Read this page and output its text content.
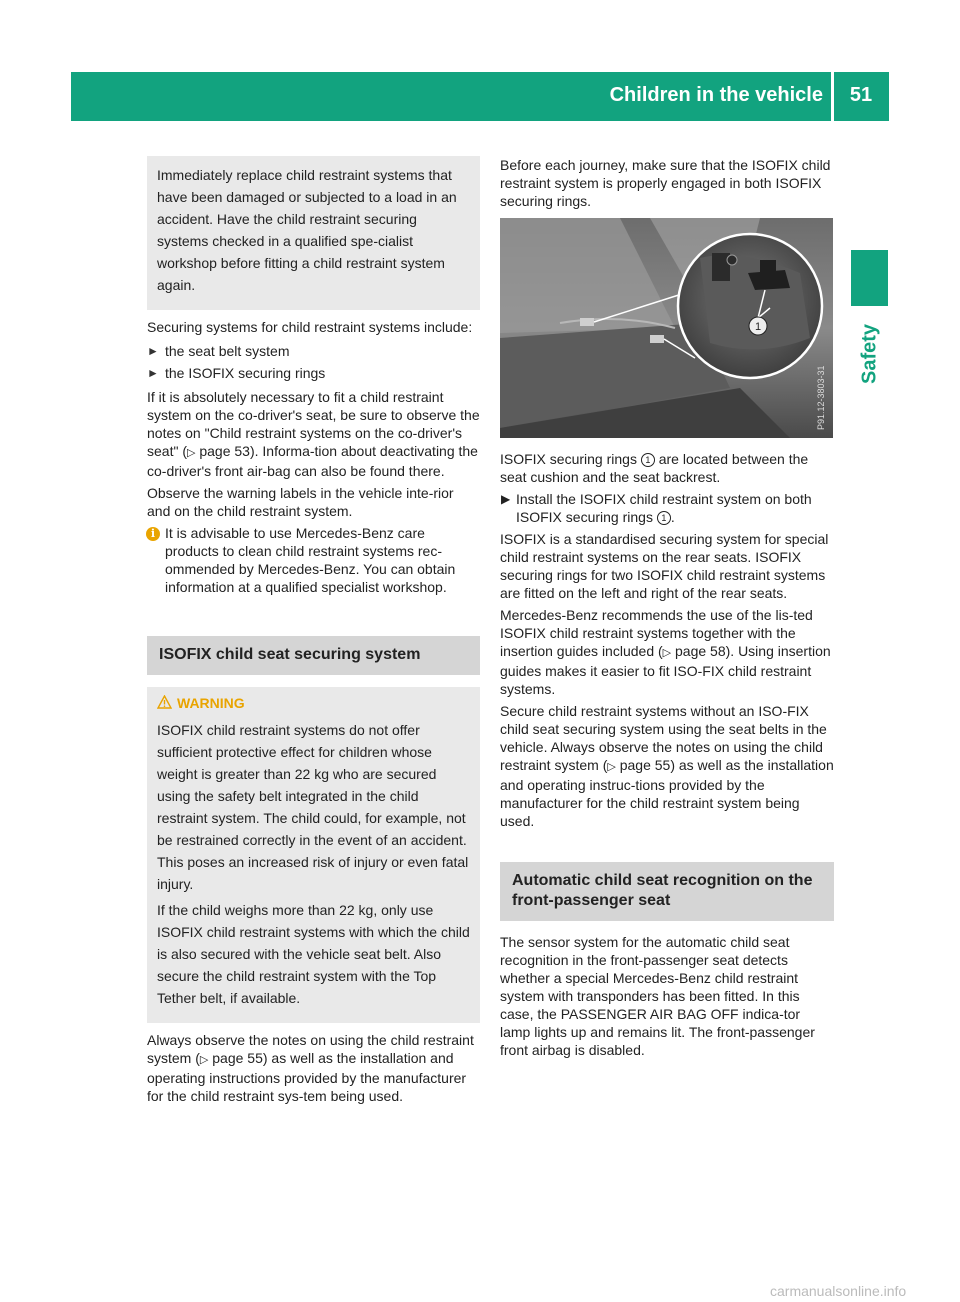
Children in the vehicle	51
Safety

Immediately replace child restraint systems that have been damaged or subjected to a load in an accident. Have the child restraint securing systems checked in a qualified spe-cialist workshop before fitting a child restraint system again.

Securing systems for child restraint systems include:

► the seat belt system
► the ISOFIX securing rings

If it is absolutely necessary to fit a child restraint system on the co-driver's seat, be sure to observe the notes on "Child restraint systems on the co-driver's seat" (▷ page 53). Informa-tion about deactivating the co-driver's front air-bag can also be found there.

Observe the warning labels in the vehicle inte-rior and on the child restraint system.

i It is advisable to use Mercedes-Benz care products to clean child restraint systems rec-ommended by Mercedes-Benz. You can obtain information at a qualified specialist workshop.
ISOFIX child seat securing system
WARNING

ISOFIX child restraint systems do not offer sufficient protective effect for children whose weight is greater than 22 kg who are secured using the safety belt integrated in the child restraint system. The child could, for example, not be restrained correctly in the event of an accident. This poses an increased risk of injury or even fatal injury.

If the child weighs more than 22 kg, only use ISOFIX child restraint systems with which the child is also secured with the vehicle seat belt. Also secure the child restraint system with the Top Tether belt, if available.

Always observe the notes on using the child restraint system (▷ page 55) as well as the installation and operating instructions provided by the manufacturer for the child restraint sys-tem being used.

Before each journey, make sure that the ISOFIX child restraint system is properly engaged in both ISOFIX securing rings.

1
P91.12-3803-31

ISOFIX securing rings 1 are located between the seat cushion and the seat backrest.

▶ Install the ISOFIX child restraint system on both ISOFIX securing rings 1 .

ISOFIX is a standardised securing system for special child restraint systems on the rear seats. ISOFIX securing rings for two ISOFIX child restraint systems are fitted on the left and right of the rear seats.

Mercedes-Benz recommends the use of the lis-ted ISOFIX child restraint systems together with the insertion guides included (▷ page 58). Using insertion guides makes it easier to fit ISO-FIX child restraint systems.

Secure child restraint systems without an ISO-FIX child seat securing system using the seat belts in the vehicle. Always observe the notes on using the child restraint system (▷ page 55) as well as the installation and operating instruc-tions provided by the manufacturer for the child restraint system being used.

Automatic child seat recognition on the front-passenger seat

The sensor system for the automatic child seat recognition in the front-passenger seat detects whether a special Mercedes-Benz child restraint system with transponders has been fitted. In this case, the PASSENGER AIR BAG OFF indica-tor lamp lights up and remains lit. The front-passenger front airbag is disabled.

carmanualsonline.info
